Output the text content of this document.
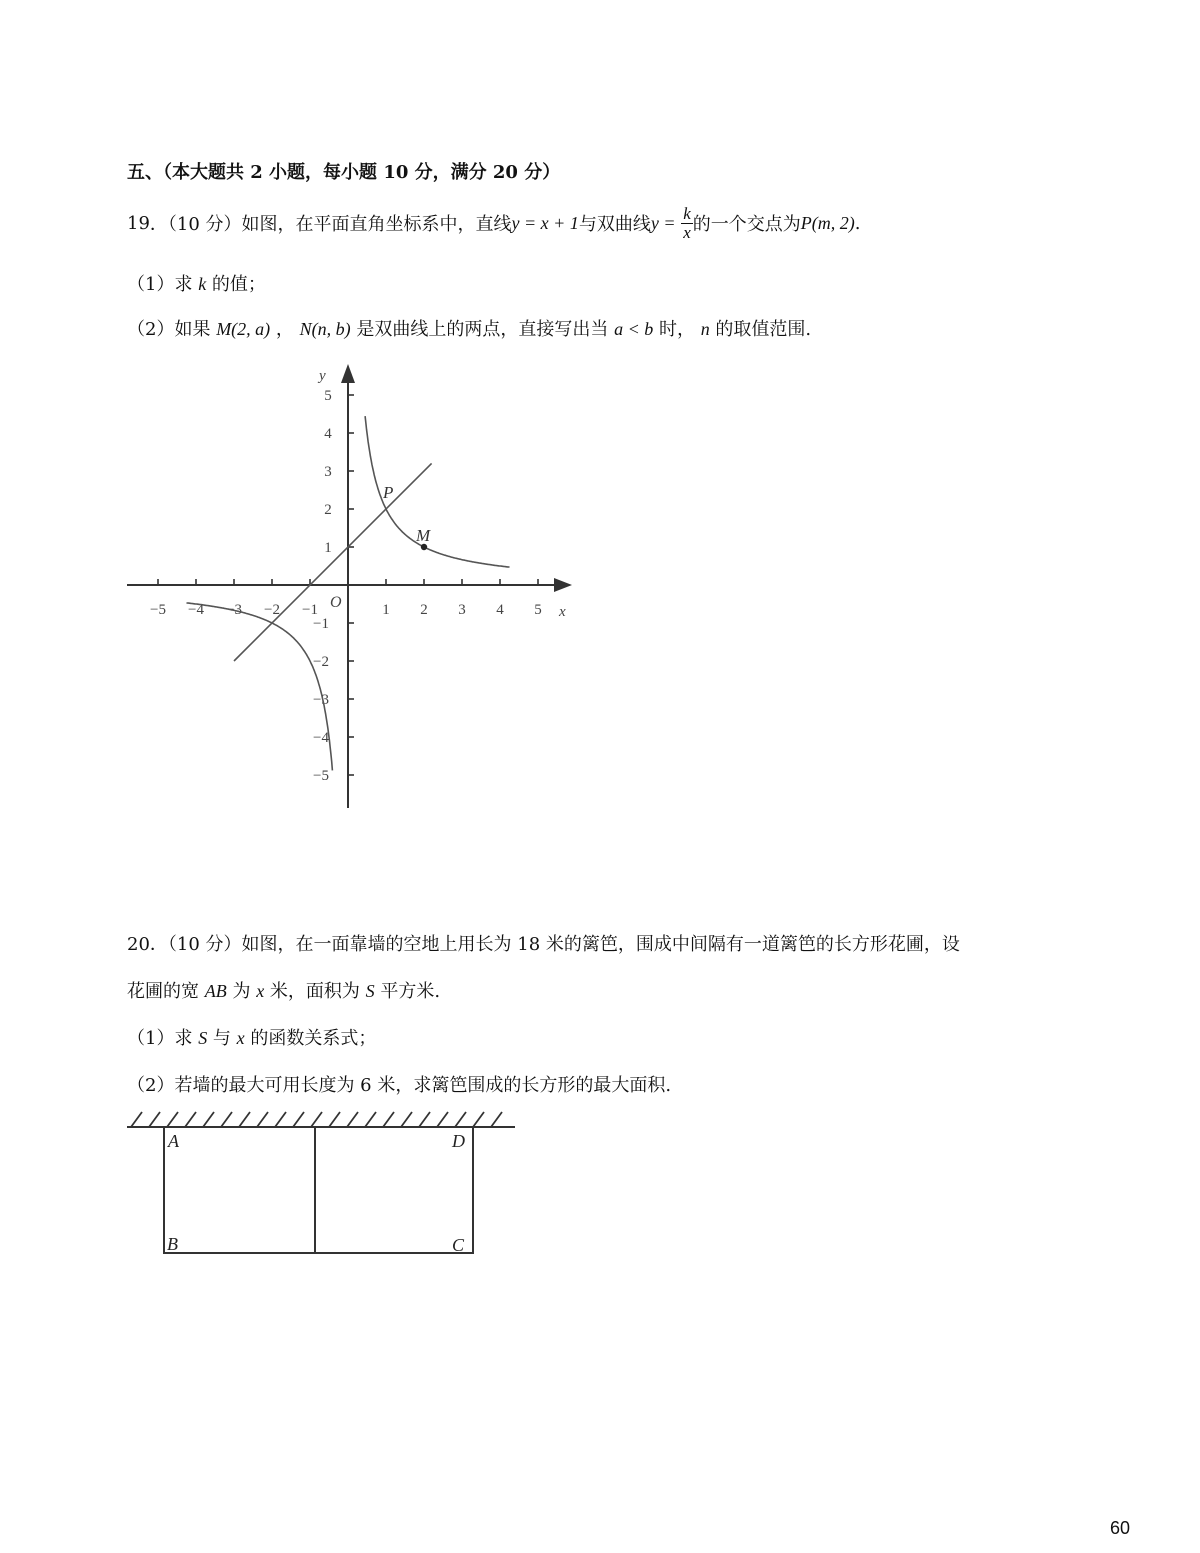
五、（本大题共 2 小题，每小题 10 分，满分 20 分）
19 ．（10 分） 如图，在平面直角坐标系中，直线 y = x + 1 与双曲线 y =
$\frac{k}{x}$ 的一个交点为 P(m, 2) .
（1）求 k 的值；
（2）如果 M(2, a) ， N(n, b) 是双曲线上的两点，直接写出当 a < b 时， n 的取值范围.
−5 −4 −3 −2 −1	1 2 3 4 5
1
2
3
4
5
−1
−2
−3
−4
−5
x
y
O
P
M
20．（10 分）如图，在一面靠墙的空地上用长为 18 米的篱笆，围成中间隔有一道篱笆的长方形花圃，设
花圃的宽 AB 为 x 米，面积为 S 平方米.
（1）求 S 与 x 的函数关系式；
（2）若墙的最大可用长度为 6 米，求篱笆围成的长方形的最大面积.
A
B	C
D
60
